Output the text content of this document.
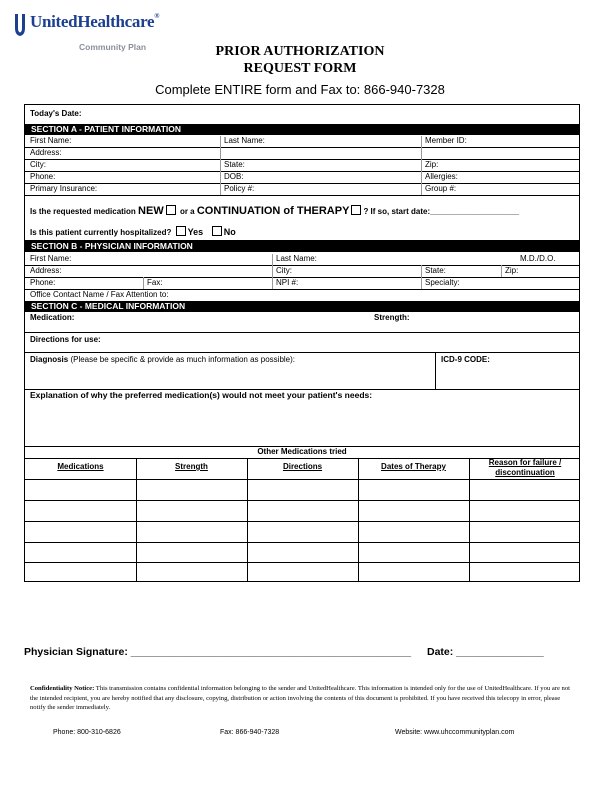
UnitedHealthcare®
Community Plan	PRIOR AUTHORIZATION
REQUEST FORM
Complete ENTIRE form and Fax to: 866-940-7328
Today's Date:
SECTION A - PATIENT INFORMATION
First Name:	Last Name:	Member ID:
Address:
City:	State:	Zip:
Phone:	DOB:	Allergies:
Primary Insurance:	Policy #:	Group #:
Is the requested medication NEW or a CONTINUATION of THERAPY ? If so, start date:____________________
Is this patient currently hospitalized? Yes No
SECTION B - PHYSICIAN INFORMATION
First Name:	Last Name:	M.D./D.O.
Address:	City:	State:	Zip:
Phone:	Fax:	NPI #:	Specialty:
Office Contact Name / Fax Attention to:
SECTION C - MEDICAL INFORMATION
Medication:	Strength:
Directions for use:
Diagnosis (Please be specific & provide as much information as possible):	ICD-9 CODE:
Explanation of why the preferred medication(s) would not meet your patient's needs:
Other Medications tried
Medications	Strength	Directions	Dates of Therapy	Reason for failure / discontinuation
Physician Signature: ________________________________________________ Date: _______________
Confidentiality Notice: This transmission contains confidential information belonging to the sender and UnitedHealthcare. This information is intended only for the use of UnitedHealthcare. If you are not the intended recipient, you are hereby notified that any disclosure, copying, distribution or action involving the contents of this document is prohibited. If you have received this telecopy in error, please notify the sender immediately.
Phone: 800-310-6826	Fax: 866-940-7328	Website: www.uhccommunityplan.com
